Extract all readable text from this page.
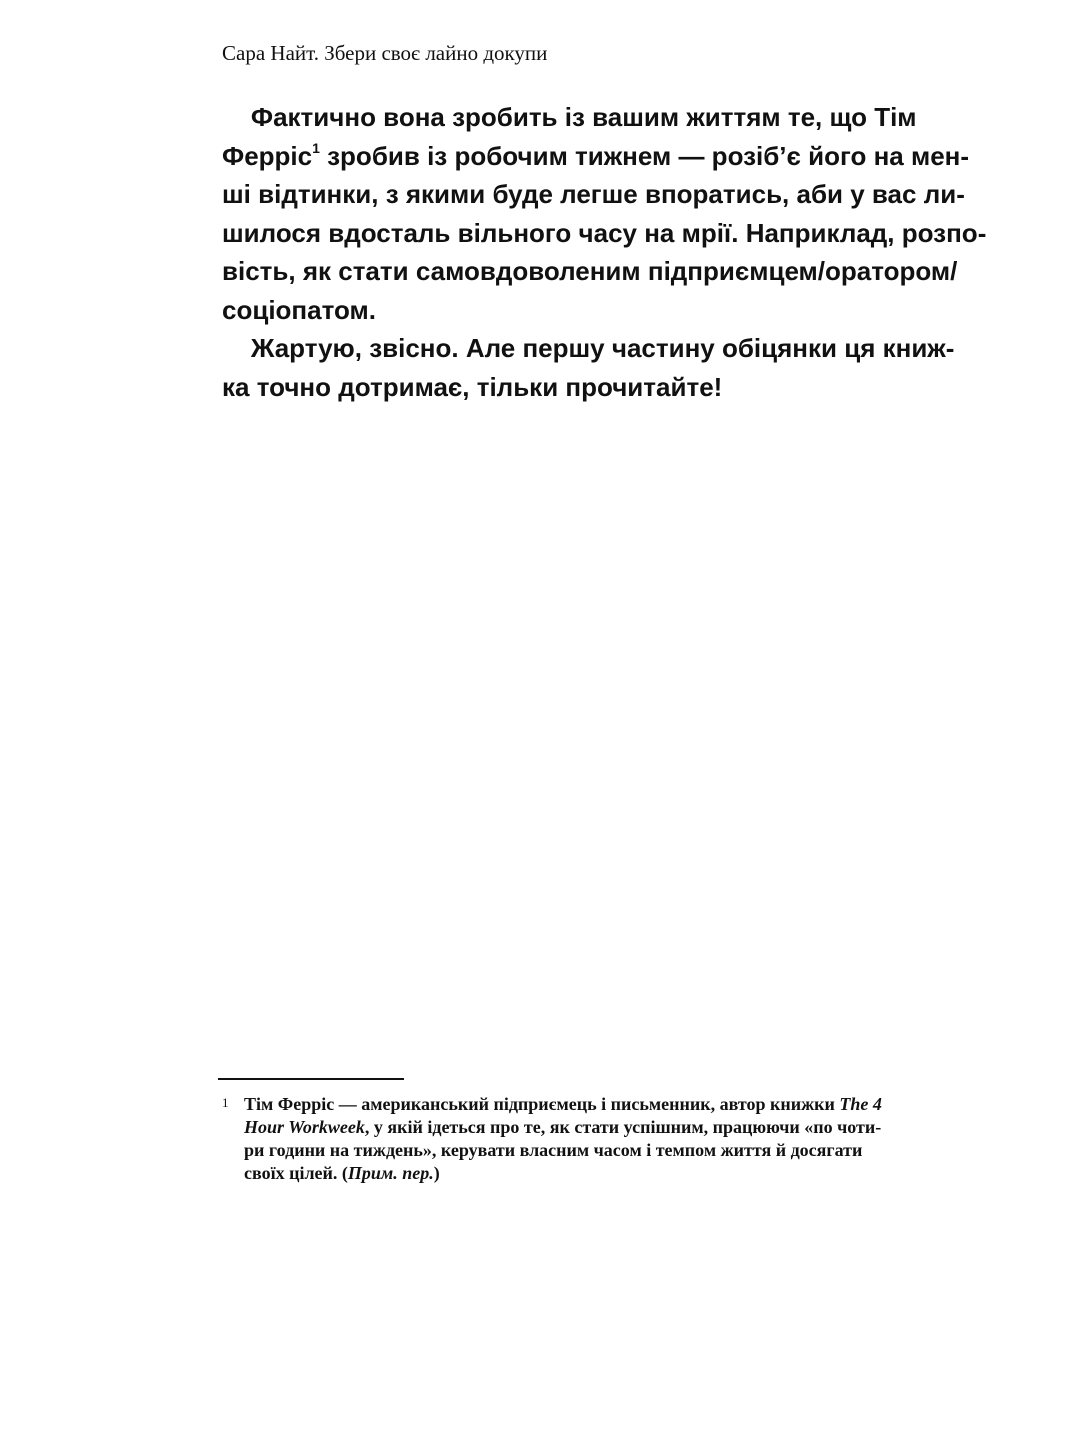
Сара Найт. Збери своє лайно докупи
Фактично вона зробить із вашим життям те, що Тім
Ферріс$^1$ зробив із робочим тижнем — розіб’є його на мен-
ші відтинки, з якими буде легше впоратись, аби у вас ли-
шилося вдосталь вільного часу на мрії. Наприклад, розпо-
вість, як стати самовдоволеним підприємцем/оратором/
соціопатом.
Жартую, звісно. Але першу частину обіцянки ця книж-
ка точно дотримає, тільки прочитайте!
1 Тім Ферріс — американський підприємець і письменник, автор книжки The 4
Hour Workweek, у якій ідеться про те, як стати успішним, працюючи «по чоти-
ри години на тиждень», керувати власним часом і темпом життя й досягати
своїх цілей. (Прим. пер.)
